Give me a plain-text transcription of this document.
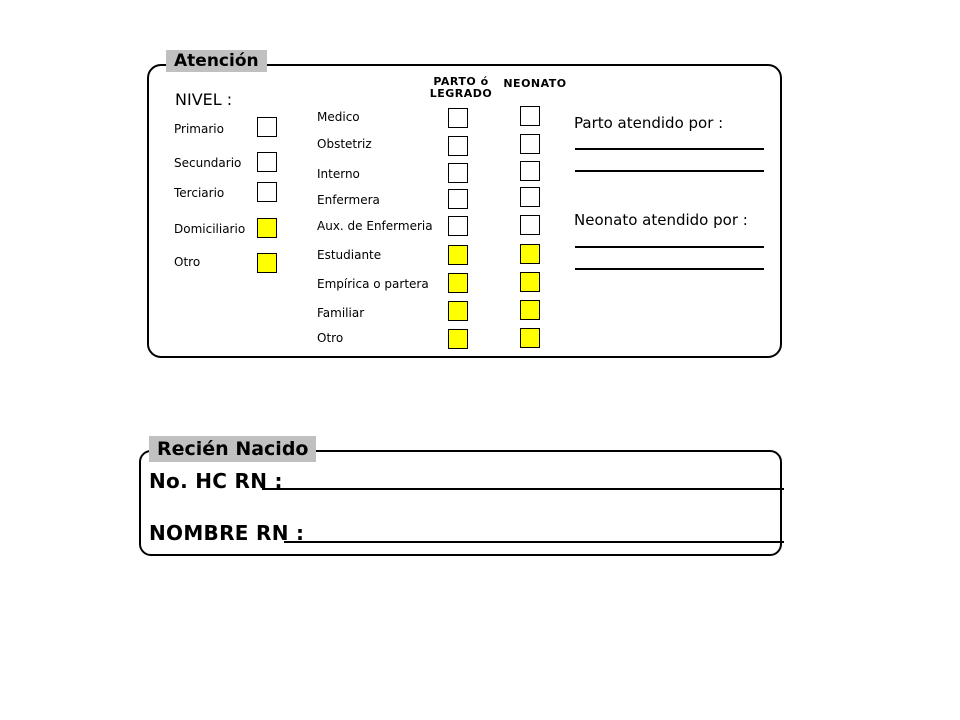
Atención
NIVEL :
Primario
Secundario
Terciario
Domiciliario
Otro
PARTO ó
LEGRADO
NEONATO
Medico
Obstetriz
Interno
Enfermera
Aux. de Enfermeria
Estudiante
Empírica o partera
Familiar
Otro
Parto atendido por :
Neonato atendido por :
Recién Nacido
No. HC RN :
NOMBRE RN :
